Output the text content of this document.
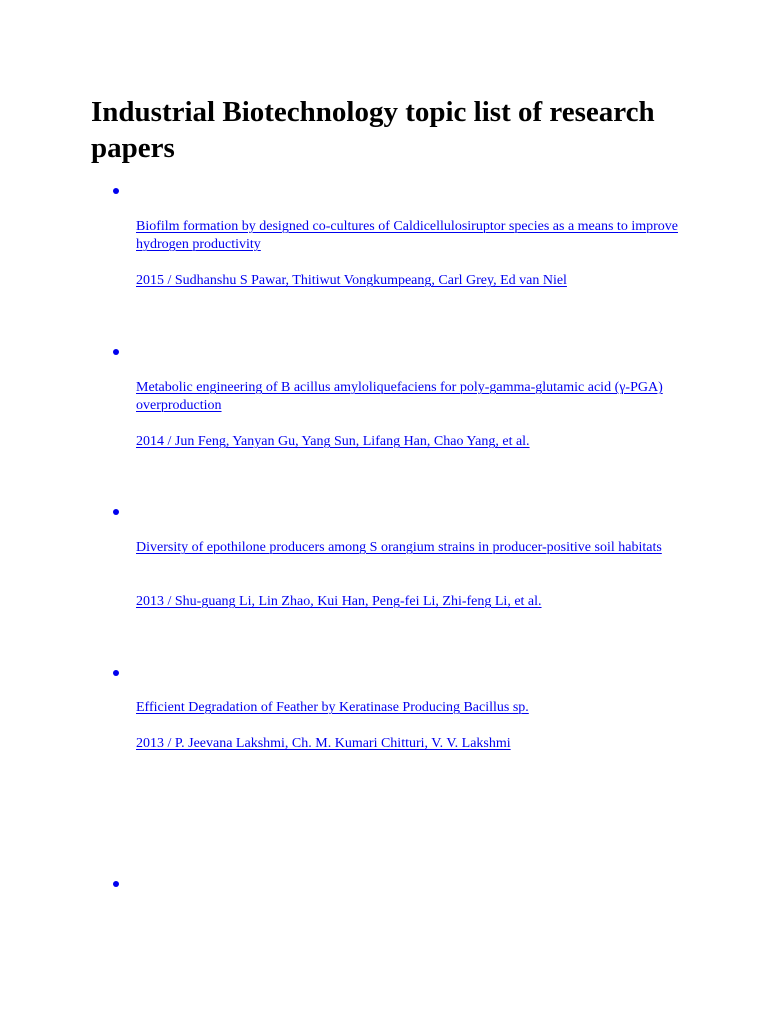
Industrial Biotechnology topic list of research papers
Biofilm formation by designed co-cultures of Caldicellulosiruptor species as a means to improve hydrogen productivity
2015 / Sudhanshu S Pawar, Thitiwut Vongkumpeang, Carl Grey, Ed van Niel
Metabolic engineering of B acillus amyloliquefaciens for poly-gamma-glutamic acid (γ-PGA) overproduction
2014 / Jun Feng, Yanyan Gu, Yang Sun, Lifang Han, Chao Yang, et al.
Diversity of epothilone producers among S orangium strains in producer-positive soil habitats
2013 / Shu-guang Li, Lin Zhao, Kui Han, Peng-fei Li, Zhi-feng Li, et al.
Efficient Degradation of Feather by Keratinase Producing Bacillus sp.
2013 / P. Jeevana Lakshmi, Ch. M. Kumari Chitturi, V. V. Lakshmi
